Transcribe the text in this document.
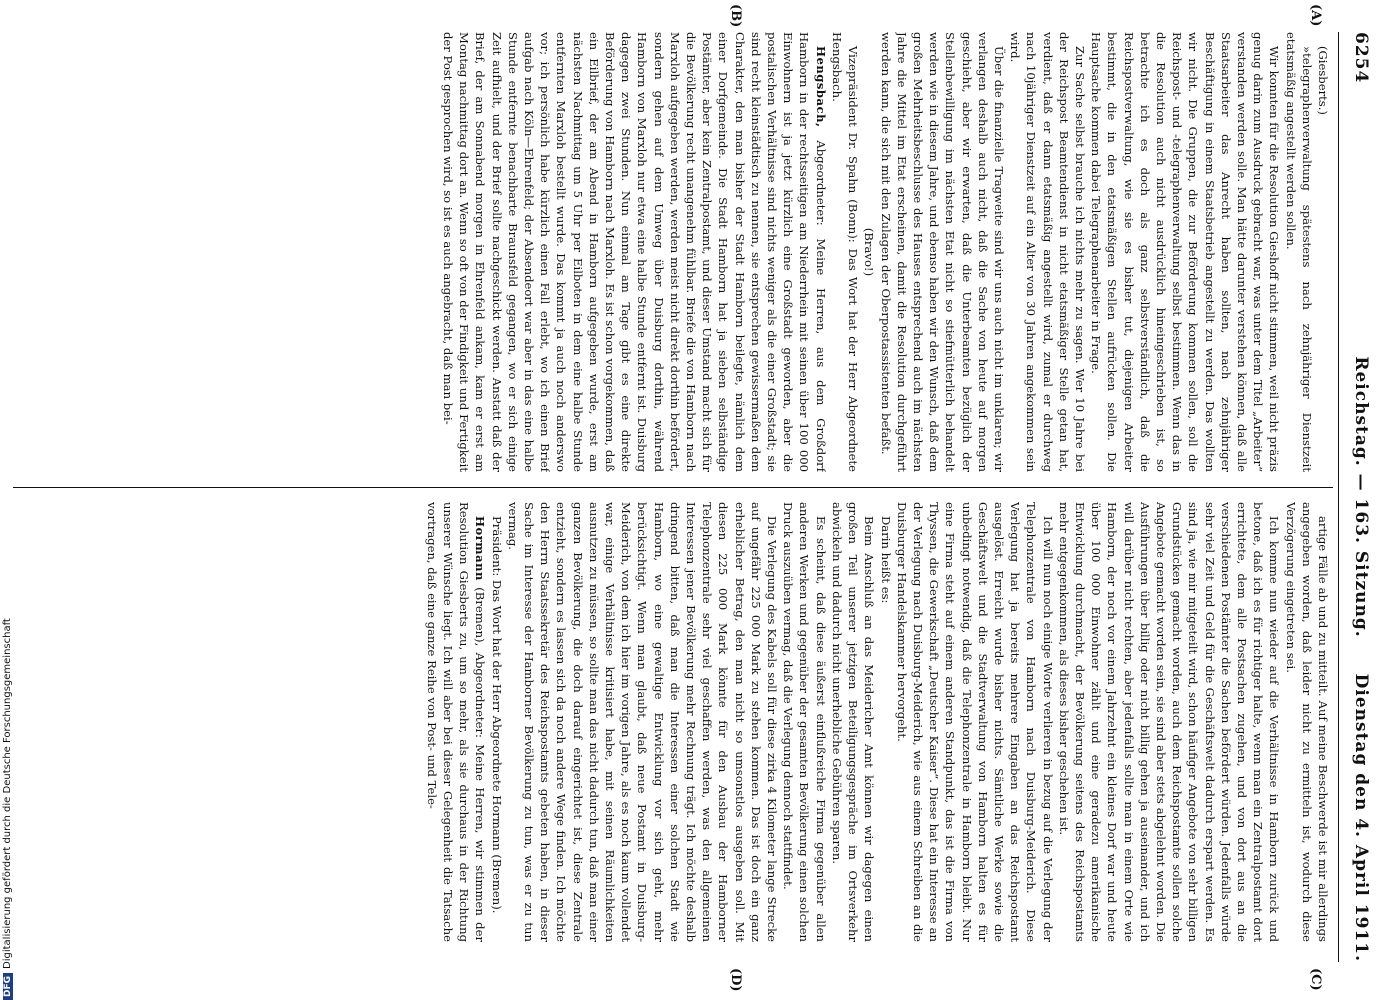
6254
Reichstag. — 163. Sitzung.
Dienstag den 4. April 1911.

(Giesberts.)

»telegraphenverwaltung spätestens nach zehnjähriger Dienstzeit etatsmäßig angestellt werden sollen.

Wir konnten für die Resolution Gieshoff nicht stimmen, weil nicht präzis genug darin zum Ausdruck gebracht war, was unter dem Titel „Arbeiter“ verstanden werden solle. Man hätte darunter verstehen können, daß alle Staatsarbeiter das Anrecht haben sollten, nach zehnjähriger Beschäftigung in einem Staatsbetrieb angestellt zu werden. Das wollten wir nicht. Die Gruppen, die zur Beförderung kommen sollen, soll die Reichspost- und -telegraphenverwaltung selbst bestimmen. Wenn das in die Resolution auch nicht ausdrücklich hineingeschrieben ist, so betrachte ich es doch als ganz selbstverständlich, daß die Reichspostverwaltung, wie sie es bisher tut, diejenigen Arbeiter bestimmt, die in den etatsmäßigen Stellen aufrücken sollen. Die Hauptsache kommen dabei Telegraphenarbeiter in Frage.

Zur Sache selbst brauche ich nichts mehr zu sagen. Wer 10 Jahre bei der Reichspost Beamtendienst in nicht etatsmäßiger Stelle getan hat, verdient, daß er dann etatsmäßig angestellt wird, zumal er durchweg nach 10jähriger Dienstzeit auf ein Alter von 30 Jahren angekommen sein wird.

Über die finanzielle Tragweite sind wir uns auch nicht im unklaren; wir verlangen deshalb auch nicht, daß die Sache von heute auf morgen geschieht, aber wir erwarten, daß die Unterbeamten bezüglich der Stellenbewilligung im nächsten Etat nicht so stiefmütterlich behandelt werden wie in diesem Jahre, und ebenso haben wir den Wunsch, daß dem großen Mehrheitsbeschlusse des Hauses entsprechend auch im nächsten Jahre die Mittel im Etat erscheinen, damit die Resolution durchgeführt werden kann, die sich mit den Zulagen der Oberpostassistenten befaßt.

(Bravo!)

Vizepräsident Dr. Spahn (Bonn): Das Wort hat der Herr Abgeordnete Hengsbach.

Hengsbach, Abgeordneter: Meine Herren, aus dem Großdorf Hamborn in der rechtsseitigen am Niederrhein mit seinen über 100 000 Einwohnern ist ja jetzt kürzlich eine Großstadt geworden, aber die postalischen Verhältnisse sind nichts weniger als die einer Großstadt; sie sind recht kleinstädtisch zu nennen, sie entsprechen gewissermaßen dem Charakter, den man bisher der Stadt Hamborn beilegte, nämlich dem einer Dorfgemeinde. Die Stadt Hamborn hat ja sieben selbständige Postämter, aber kein Zentralpostamt, und dieser Umstand macht sich für die Bevölkerung recht unangenehm fühlbar. Briefe die von Hamborn nach Marxloh aufgegeben werden, werden meist nicht direkt dorthin befördert, sondern gehen auf dem Umweg über Duisburg dorthin, während Hamborn von Marxloh nur etwa eine halbe Stunde entfernt ist. Duisburg dagegen zwei Stunden. Nun einmal am Tage gibt es eine direkte Beförderung von Hamborn nach Marxloh. Es ist schon vorgekommen, daß ein Eilbrief, der am Abend in Hamborn aufgegeben wurde, erst am nächsten Nachmittag um 5 Uhr per Eilboten in dem eine halbe Stunde entfernten Marxloh bestellt wurde. Das kommt ja auch noch anderswo vor; ich persönlich habe kürzlich einen Fall erlebt, wo ich einen Brief aufgab nach Köln—Ehrenfeld; der Absendeort war aber in das eine halbe Stunde entfernte benachbarte Braunsfeld gegangen, wo er sich einige Zeit aufhielt, und der Brief sollte nachgeschickt werden. Anstatt daß der Brief, der am Sonnabend morgen in Ehrenfeld ankam, kam er erst am Montag nachmittag dort an. Wenn so oft von der Findigkeit und Fertigkeit der Post gesprochen wird, so ist es auch angebracht, daß man bei-

artige Fälle ab und zu mitteilt. Auf meine Beschwerde ist mir allerdings angegeben worden, daß leider nicht zu ermitteln ist, wodurch diese Verzögerung eingetreten sei.

Ich komme nun wieder auf die Verhältnisse in Hamborn zurück und betone, daß ich es für richtiger halte, wenn man ein Zentralpostamt dort errichtete, dem alle Postsachen zugehen, und von dort aus an die verschiedenen Postämter die Sachen befördert würden. Jedenfalls würde sehr viel Zeit und Geld für die Geschäftswelt dadurch erspart werden. Es sind ja, wie mir mitgeteilt wird, schon häufiger Angebote von sehr billigen Grundstücken gemacht worden, auch dem Reichspostamte sollen solche Angebote gemacht worden sein, sie sind aber stets abgelehnt worden. Die Ausführungen über billig oder nicht billig gehen ja auseinander, und ich will darüber nicht rechten, aber jedenfalls sollte man in einem Orte wie Hamborn, der noch vor einem Jahrzehnt ein kleines Dorf war und heute über 100 000 Einwohner zählt und eine geradezu amerikanische Entwicklung durchmacht, der Bevölkerung seitens des Reichspostamts mehr entgegenkommen, als dieses bisher geschehen ist.

Ich will nun noch einige Worte verlieren in bezug auf die Verlegung der Telephonzentrale von Hamborn nach Duisburg-Meiderich. Diese Verlegung hat ja bereits mehrere Eingaben an das Reichspostamt ausgelöst. Erreicht wurde bisher nichts. Sämtliche Werke sowie die Geschäftswelt und die Stadtverwaltung von Hamborn halten es für unbedingt notwendig, daß die Telephonzentrale in Hamborn bleibt. Nur eine Firma steht auf einem anderen Standpunkt, das ist die Firma von Thyssen, die Gewerkschaft „Deutscher Kaiser“. Diese hat ein Interesse an der Verlegung nach Duisburg-Meiderich, wie aus einem Schreiben an die Duisburger Handelskammer hervorgeht.

Darin heißt es:

Beim Anschluß an das Meidericher Amt können wir dagegen einen großen Teil unserer jetzigen Beteiligungsgespräche im Ortsverkehr abwickeln und dadurch nicht unerhebliche Gebühren sparen.

Es scheint, daß diese äußerst einflußreiche Firma gegenüber allen anderen Werken und gegenüber der gesamten Bevölkerung einen solchen Druck auszuüben vermag, daß die Verlegung dennoch stattfindet.

Die Verlegung des Kabels soll für diese zirka 4 Kilometer lange Strecke auf ungefähr 225 000 Mark zu stehen kommen. Das ist doch ein ganz erheblicher Betrag, den man nicht so umsonstlos ausgeben soll. Mit diesen 225 000 Mark könnte für den Ausbau der Hamborner Telephonzentrale sehr viel geschaffen werden, was den allgemeinen Interessen jener Bevölkerung mehr Rechnung trägt. Ich möchte deshalb dringend bitten, daß man die Interessen einer solchen Stadt wie Hamborn, wo eine gewaltige Entwicklung vor sich geht, mehr berücksichtigt. Wenn man glaubt, daß neue Postamt in Duisburg-Meiderich, von dem ich hier im vorigen Jahre, als es noch kaum vollendet war, einige Verhältnisse kritisiert habe, mit seinen Räumlichkeiten ausnutzen zu müssen, so sollte man das nicht dadurch tun, daß man einer ganzen Bevölkerung, die doch darauf eingerichtet ist, diese Zentrale entzieht, sondern es lassen sich da noch andere Wege finden. Ich möchte den Herrn Staatssekretär des Reichspostamts gebeten haben, in dieser Sache im Interesse der Hamborner Bevölkerung zu tun, was er zu tun vermag.

Präsident: Das Wort hat der Herr Abgeordnete Hormann (Bremen).

Hormann (Bremen), Abgeordneter: Meine Herren, wir stimmen der Resolution Giesberts zu, um so mehr, als sie durchaus in der Richtung unserer Wünsche liegt. Ich will aber bei dieser Gelegenheit die Tatsache vortragen, daß eine ganze Reihe von Post- und Tele-

(A)
(B)
(C)
(D)
DFGDigitalisierung gefördert durch die Deutsche Forschungsgemeinschaft
